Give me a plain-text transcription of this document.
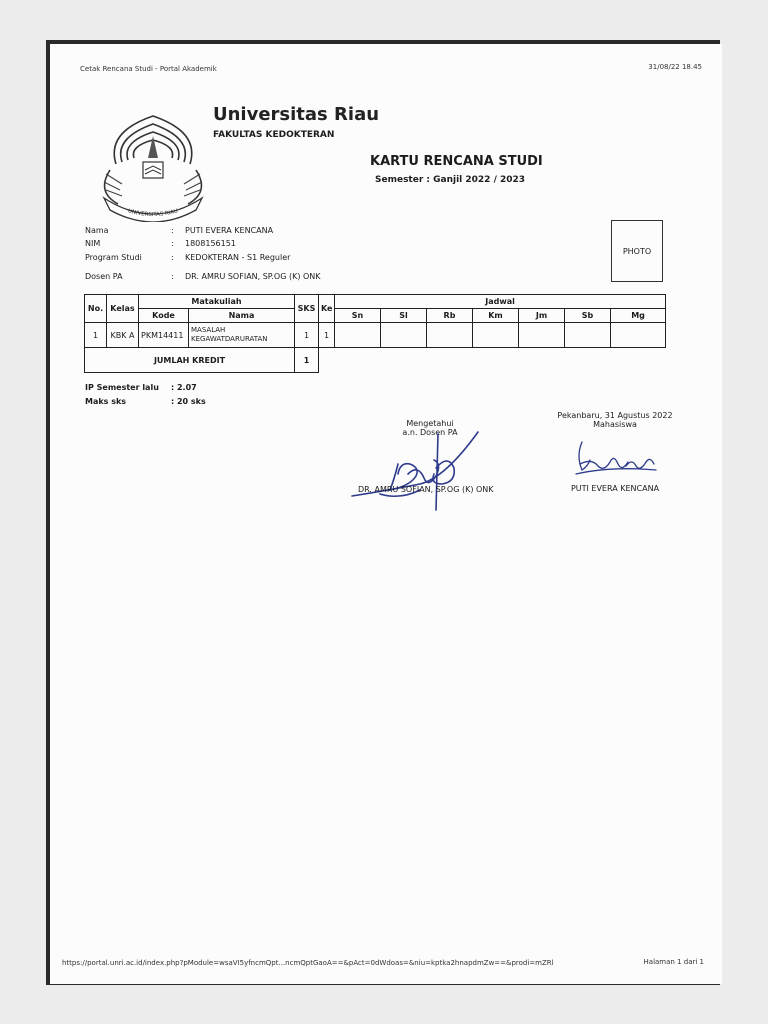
Cetak Rencana Studi - Portal Akademik	31/08/22 18.45
UNIVERSITAS RIAU
Universitas Riau
FAKULTAS KEDOKTERAN
KARTU RENCANA STUDI
Semester : Ganjil 2022 / 2023
Nama	: PUTI EVERA KENCANA
NIM	: 1808156151
Program Studi	: KEDOKTERAN - S1 Reguler
Dosen PA	: DR. AMRU SOFIAN, SP.OG (K) ONK
PHOTO
No.	Kelas	Matakuliah		SKS	Ke	Jadwal						
		Kode	Nama			Sn	Sl	Rb	Km	Jm	Sb	Mg
1	KBK A	PKM14411	MASALAH
KEGAWATDARURATAN	1	1							
JUMLAH KREDIT				1								
IP Semester lalu : 2.07
Maks sks	: 20 sks
Mengetahui
a.n. Dosen PA
DR. AMRU SOFIAN, SP.OG (K) ONK
Pekanbaru, 31 Agustus 2022
Mahasiswa
PUTI EVERA KENCANA
https://portal.unri.ac.id/index.php?pModule=wsaVI5yfncmQpt...ncmQptGaoA==&pAct=0dWdoas=&niu=kptka2hnapdmZw==&prodi=mZRl	Halaman 1 dari 1
